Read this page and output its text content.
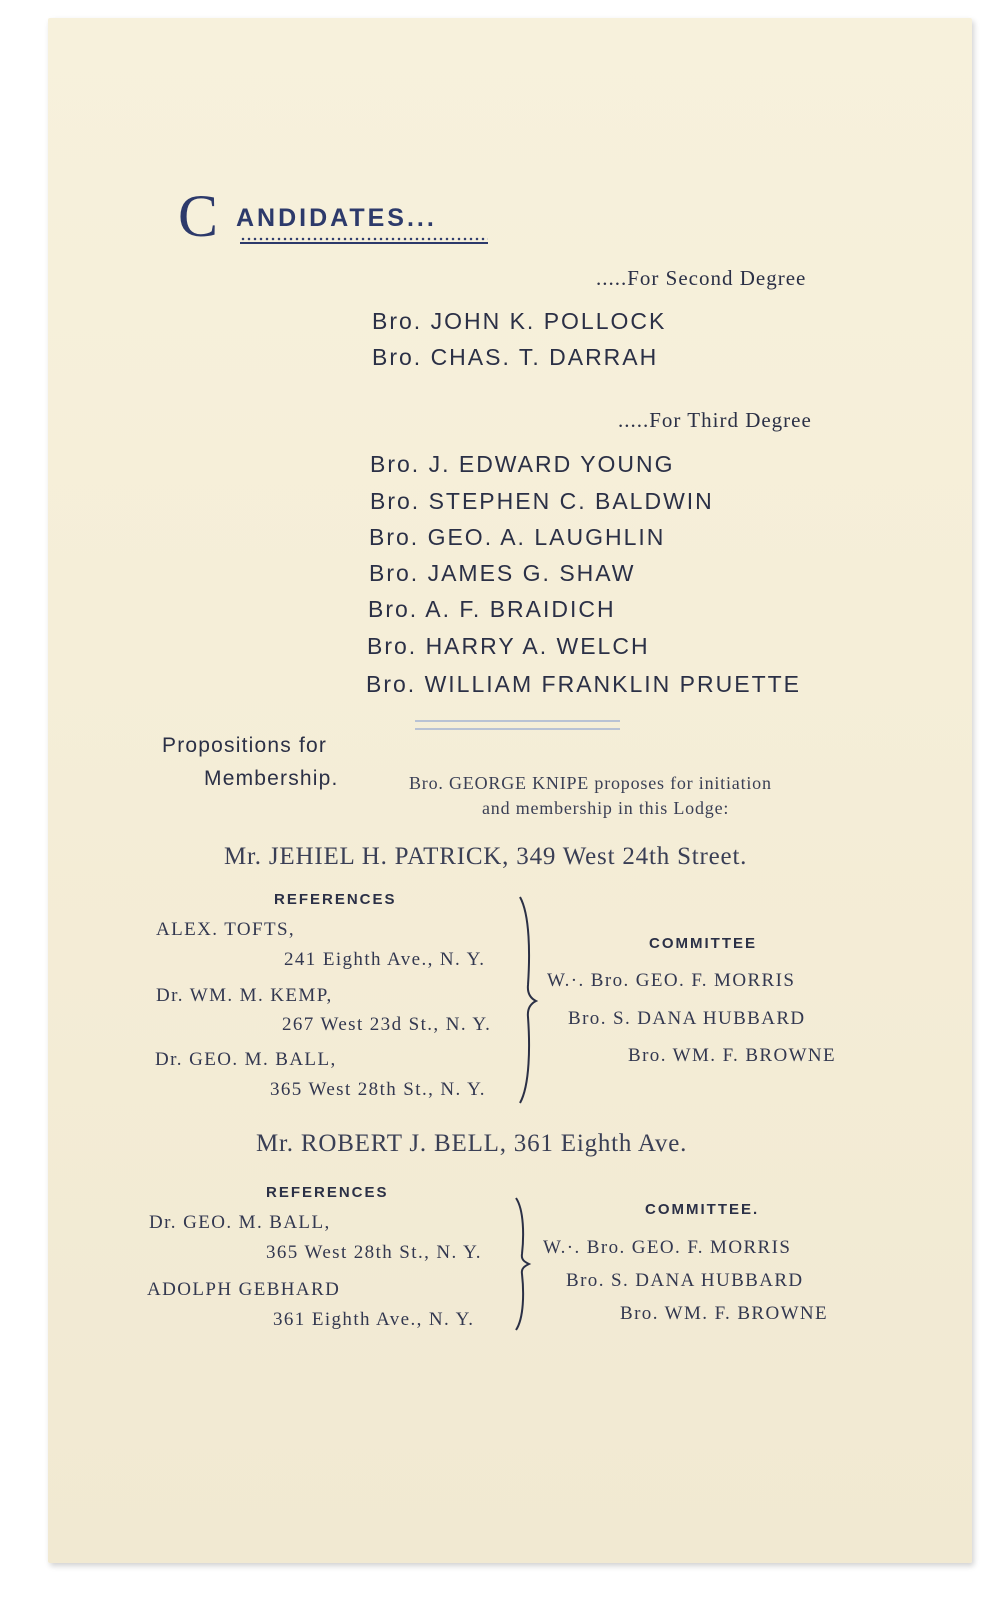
C ANDIDATES...
.....For Second Degree
Bro. JOHN K. POLLOCK
Bro. CHAS. T. DARRAH
.....For Third Degree
Bro. J. EDWARD YOUNG
Bro. STEPHEN C. BALDWIN
Bro. GEO. A. LAUGHLIN
Bro. JAMES G. SHAW
Bro. A. F. BRAIDICH
Bro. HARRY A. WELCH
Bro. WILLIAM FRANKLIN PRUETTE
Propositions for
Membership.	Bro. GEORGE KNIPE proposes for initiation
and membership in this Lodge:
Mr. JEHIEL H. PATRICK, 349 West 24th Street.
REFERENCES
ALEX. TOFTS,
241 Eighth Ave., N. Y.
Dr. WM. M. KEMP,
267 West 23d St., N. Y.
Dr. GEO. M. BALL,
365 West 28th St., N. Y.
COMMITTEE
W.·. Bro. GEO. F. MORRIS
Bro. S. DANA HUBBARD
Bro. WM. F. BROWNE
Mr. ROBERT J. BELL, 361 Eighth Ave.
REFERENCES
Dr. GEO. M. BALL,
365 West 28th St., N. Y.
ADOLPH GEBHARD
361 Eighth Ave., N. Y.
COMMITTEE.
W.·. Bro. GEO. F. MORRIS
Bro. S. DANA HUBBARD
Bro. WM. F. BROWNE
